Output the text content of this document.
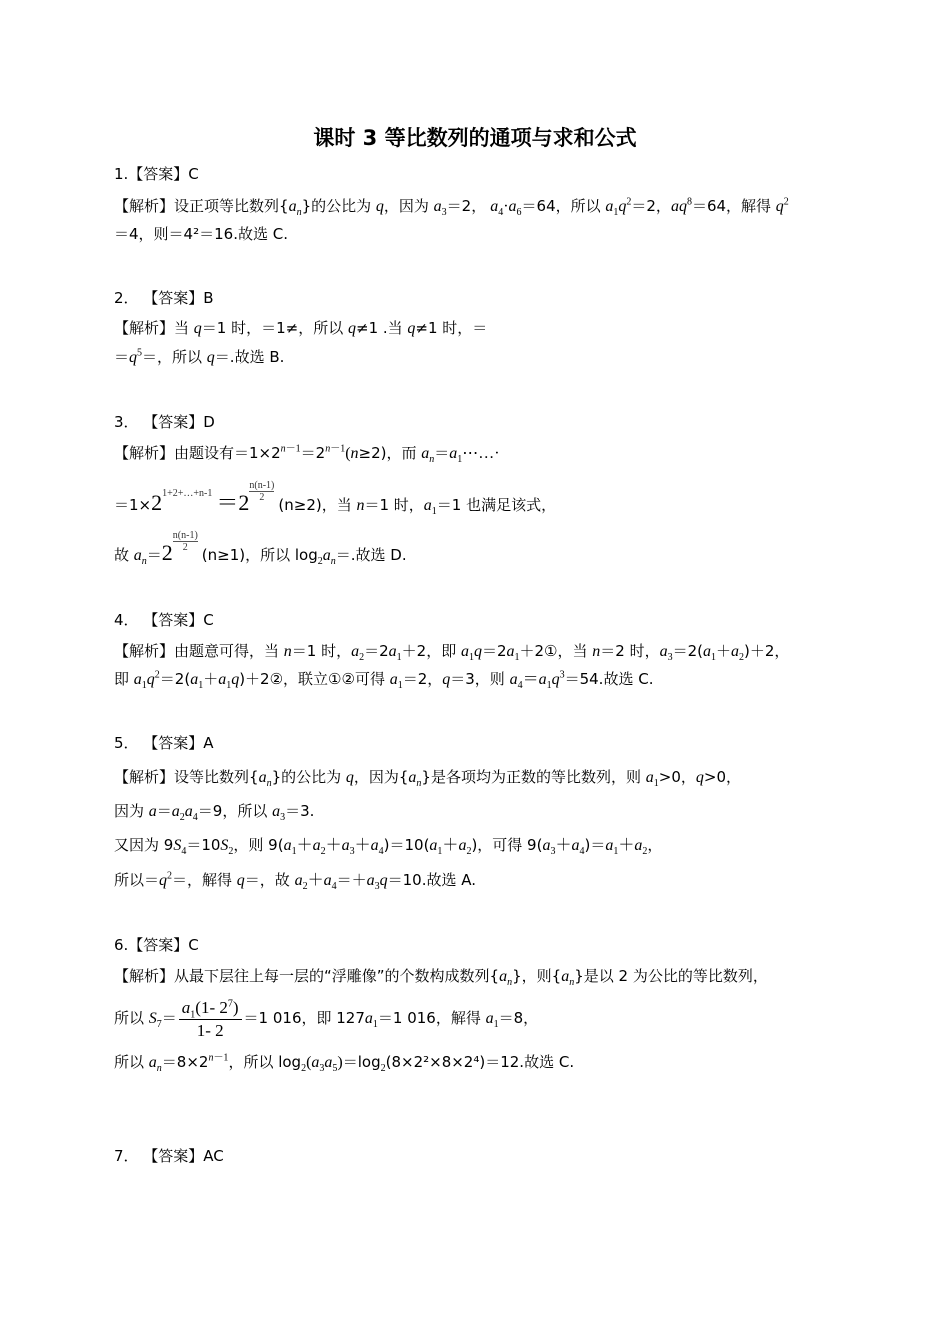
课时 3 等比数列的通项与求和公式
1.【答案】C
【解析】设正项等比数列$\{a_n\}$的公比为 q，因为 $a_3=2$， $a_4\cdot a_6=64$，所以 $a_1q^2=2$，$aq^8=64$，解得 $q^2$
＝4，则＝4²＝16.故选 C.
2． 【答案】B
【解析】当 q＝1 时，＝1≠，所以 q≠1 .当 q≠1 时，＝
$=q^5=$，所以 q＝.故选 B.
3． 【答案】D
【解析】由题设有$=1\times 2^{n-1}=2^{n-1}(n\ge 2)$，而 $a_n=a_1\cdots\dots\cdot$
$=1\times 2^{1+2+\dots+n-1} =2 \frac{n(n-1)}{2}$
(n≥2)，当 n＝1 时，$a_1=1$ 也满足该式，
故 $a_n=2 \frac{n(n-1)}{2}$
(n≥1)，所以 $\log_2a_n=$.故选 D.
4． 【答案】C
【解析】由题意可得，当 n＝1 时，$a_2=2a_1+2$，即 $a_1q=2a_1+2①$，当 n＝2 时，$a_3=2(a_1+a_2)+2$，
即 $a_1q^2=2(a_1+a_1q)+2②$，联立①②可得 $a_1=2$，q＝3，则 $a_4=a_1q^3=54$.故选 C.
5． 【答案】A
【解析】设等比数列$\{a_n\}$的公比为 q，因为$\{a_n\}$是各项均为正数的等比数列，则 $a_1>0$，q>0，
因为 $a=a_2a_4=9$，所以 $a_3=3$.
又因为 $9S_4=10S_2$，则 $9(a_1+a_2+a_3+a_4)=10(a_1+a_2)$，可得 $9(a_3+a_4)=a_1+a_2$，
所以$=q^2=$，解得 q＝，故 $a_2+a_4=+a_3q=10$.故选 A.
6.【答案】C
【解析】从最下层往上每一层的“浮雕像”的个数构成数列$\{a_n\}$，则$\{a_n\}$是以 2 为公比的等比数列，
所以 $S_7= \frac{a_1(1- 2^7)}{1- 2} =1$ 016，即 $127a_1=1$ 016，解得 $a_1=8$，
所以 $a_n=8\times 2^{n-1}$，所以 $\log_2(a_3a_5)=\log_2(8\times 2^2\times 8\times 2^4)=12$.故选 C.
7． 【答案】AC
